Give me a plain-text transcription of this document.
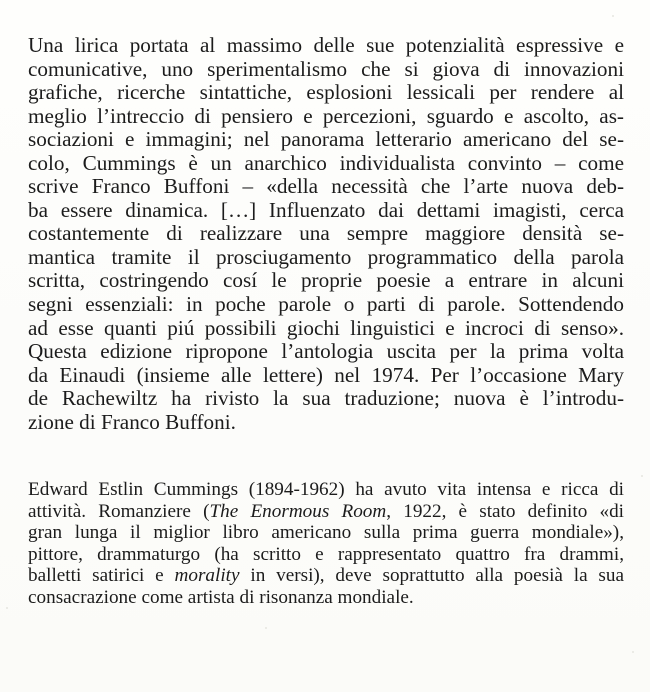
Una lirica portata al massimo delle sue potenzialità espressive e
comunicative, uno sperimentalismo che si giova di innovazioni
grafiche, ricerche sintattiche, esplosioni lessicali per rendere al
meglio l’intreccio di pensiero e percezioni, sguardo e ascolto, as-
sociazioni e immagini; nel panorama letterario americano del se-
colo, Cummings è un anarchico individualista convinto – come
scrive Franco Buffoni – «della necessità che l’arte nuova deb-
ba essere dinamica. […] Influenzato dai dettami imagisti, cerca
costantemente di realizzare una sempre maggiore densità se-
mantica tramite il prosciugamento programmatico della parola
scritta, costringendo cosí le proprie poesie a entrare in alcuni
segni essenziali: in poche parole o parti di parole. Sottendendo
ad esse quanti piú possibili giochi linguistici e incroci di senso».
Questa edizione ripropone l’antologia uscita per la prima volta
da Einaudi (insieme alle lettere) nel 1974. Per l’occasione Mary
de Rachewiltz ha rivisto la sua traduzione; nuova è l’introdu-
zione di Franco Buffoni.
Edward Estlin Cummings (1894-1962) ha avuto vita intensa e ricca di
attività. Romanziere (The Enormous Room, 1922, è stato definito «di
gran lunga il miglior libro americano sulla prima guerra mondiale»),
pittore, drammaturgo (ha scritto e rappresentato quattro fra drammi,
balletti satirici e morality in versi), deve soprattutto alla poesià la sua
consacrazione come artista di risonanza mondiale.
